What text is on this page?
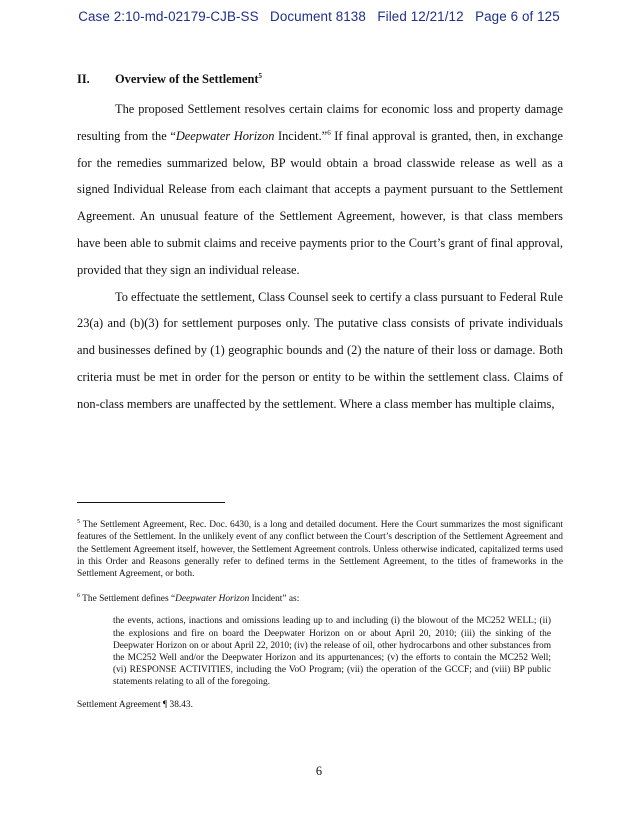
Case 2:10-md-02179-CJB-SS   Document 8138   Filed 12/21/12   Page 6 of 125
II. Overview of the Settlement$^5$

The proposed Settlement resolves certain claims for economic loss and property damage resulting from the “Deepwater Horizon Incident.”$^6$ If final approval is granted, then, in exchange for the remedies summarized below, BP would obtain a broad classwide release as well as a signed Individual Release from each claimant that accepts a payment pursuant to the Settlement Agreement. An unusual feature of the Settlement Agreement, however, is that class members have been able to submit claims and receive payments prior to the Court’s grant of final approval, provided that they sign an individual release.

To effectuate the settlement, Class Counsel seek to certify a class pursuant to Federal Rule 23(a) and (b)(3) for settlement purposes only. The putative class consists of private individuals and businesses defined by (1) geographic bounds and (2) the nature of their loss or damage. Both criteria must be met in order for the person or entity to be within the settlement class. Claims of non-class members are unaffected by the settlement. Where a class member has multiple claims,

$^5$ The Settlement Agreement, Rec. Doc. 6430, is a long and detailed document. Here the Court summarizes the most significant features of the Settlement. In the unlikely event of any conflict between the Court’s description of the Settlement Agreement and the Settlement Agreement itself, however, the Settlement Agreement controls. Unless otherwise indicated, capitalized terms used in this Order and Reasons generally refer to defined terms in the Settlement Agreement, to the titles of frameworks in the Settlement Agreement, or both.

$^6$ The Settlement defines “Deepwater Horizon Incident” as:

the events, actions, inactions and omissions leading up to and including (i) the blowout of the MC252 WELL; (ii) the explosions and fire on board the Deepwater Horizon on or about April 20, 2010; (iii) the sinking of the Deepwater Horizon on or about April 22, 2010; (iv) the release of oil, other hydrocarbons and other substances from the MC252 Well and/or the Deepwater Horizon and its appurtenances; (v) the efforts to contain the MC252 Well; (vi) RESPONSE ACTIVITIES, including the VoO Program; (vii) the operation of the GCCF; and (viii) BP public statements relating to all of the foregoing.

Settlement Agreement ¶ 38.43.

6
